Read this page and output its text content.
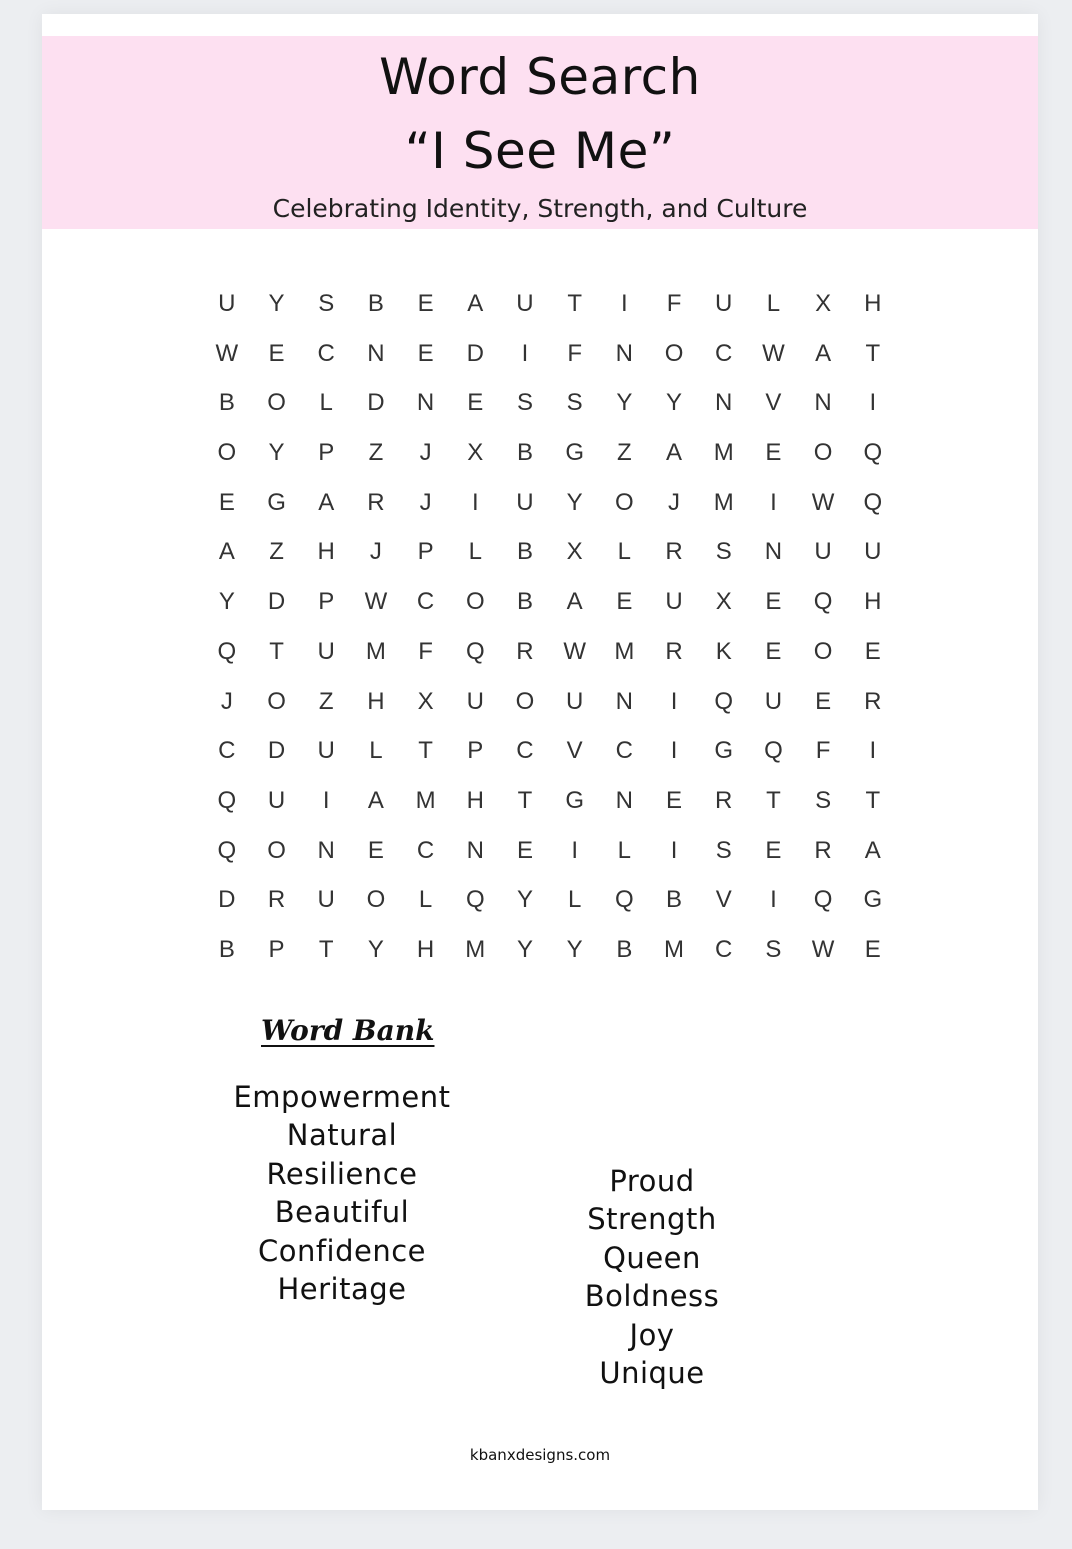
Word Search
“I See Me”
Celebrating Identity, Strength, and Culture
U	Y	S	B	E	A	U	T	I	F	U	L	X	H
W	E	C	N	E	D	I	F	N	O	C	W	A	T
B	O	L	D	N	E	S	S	Y	Y	N	V	N	I
O	Y	P	Z	J	X	B	G	Z	A	M	E	O	Q
E	G	A	R	J	I	U	Y	O	J	M	I	W	Q
A	Z	H	J	P	L	B	X	L	R	S	N	U	U
Y	D	P	W	C	O	B	A	E	U	X	E	Q	H
Q	T	U	M	F	Q	R	W	M	R	K	E	O	E
J	O	Z	H	X	U	O	U	N	I	Q	U	E	R
C	D	U	L	T	P	C	V	C	I	G	Q	F	I
Q	U	I	A	M	H	T	G	N	E	R	T	S	T
Q	O	N	E	C	N	E	I	L	I	S	E	R	A
D	R	U	O	L	Q	Y	L	Q	B	V	I	Q	G
B	P	T	Y	H	M	Y	Y	B	M	C	S	W	E
Word Bank
Empowerment
Natural
Resilience
Beautiful
Confidence
Heritage
Proud
Strength
Queen
Boldness
Joy
Unique
kbanxdesigns.com
